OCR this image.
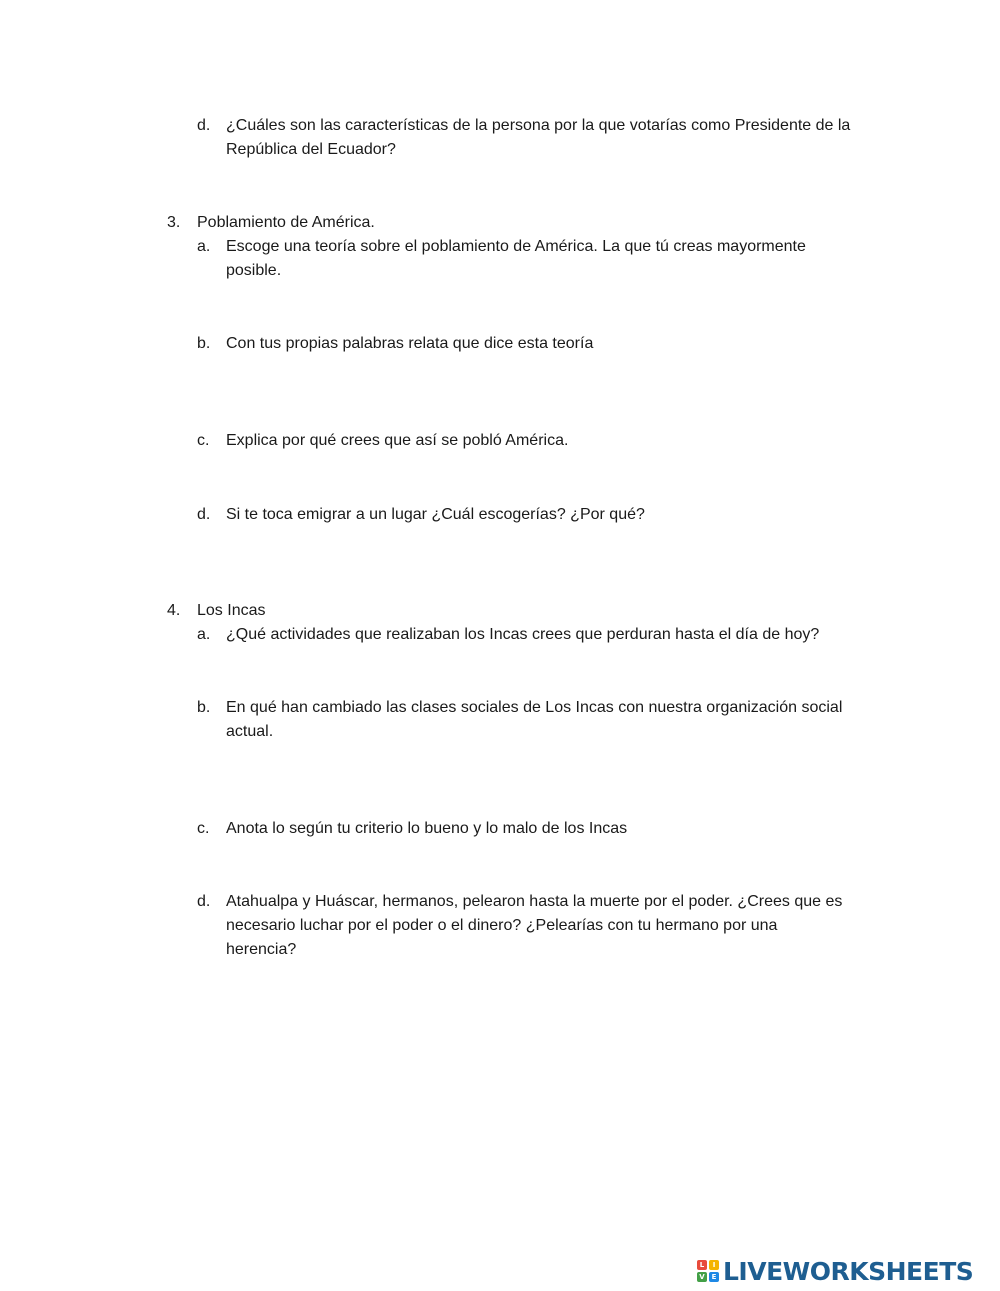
d. ¿Cuáles son las características de la persona por la que votarías como Presidente de la
República del Ecuador?
3. Poblamiento de América.
a. Escoge una teoría sobre el poblamiento de América. La que tú creas mayormente
posible.
b. Con tus propias palabras relata que dice esta teoría
c. Explica por qué crees que así se pobló América.
d. Si te toca emigrar a un lugar ¿Cuál escogerías? ¿Por qué?
4. Los Incas
a. ¿Qué actividades que realizaban los Incas crees que perduran hasta el día de hoy?
b. En qué han cambiado las clases sociales de Los Incas con nuestra organización social
actual.
c. Anota lo según tu criterio lo bueno y lo malo de los Incas
d. Atahualpa y Huáscar, hermanos, pelearon hasta la muerte por el poder. ¿Crees que es
necesario luchar por el poder o el dinero? ¿Pelearías con tu hermano por una
herencia?
L	I
V E LIVEWORKSHEETS
